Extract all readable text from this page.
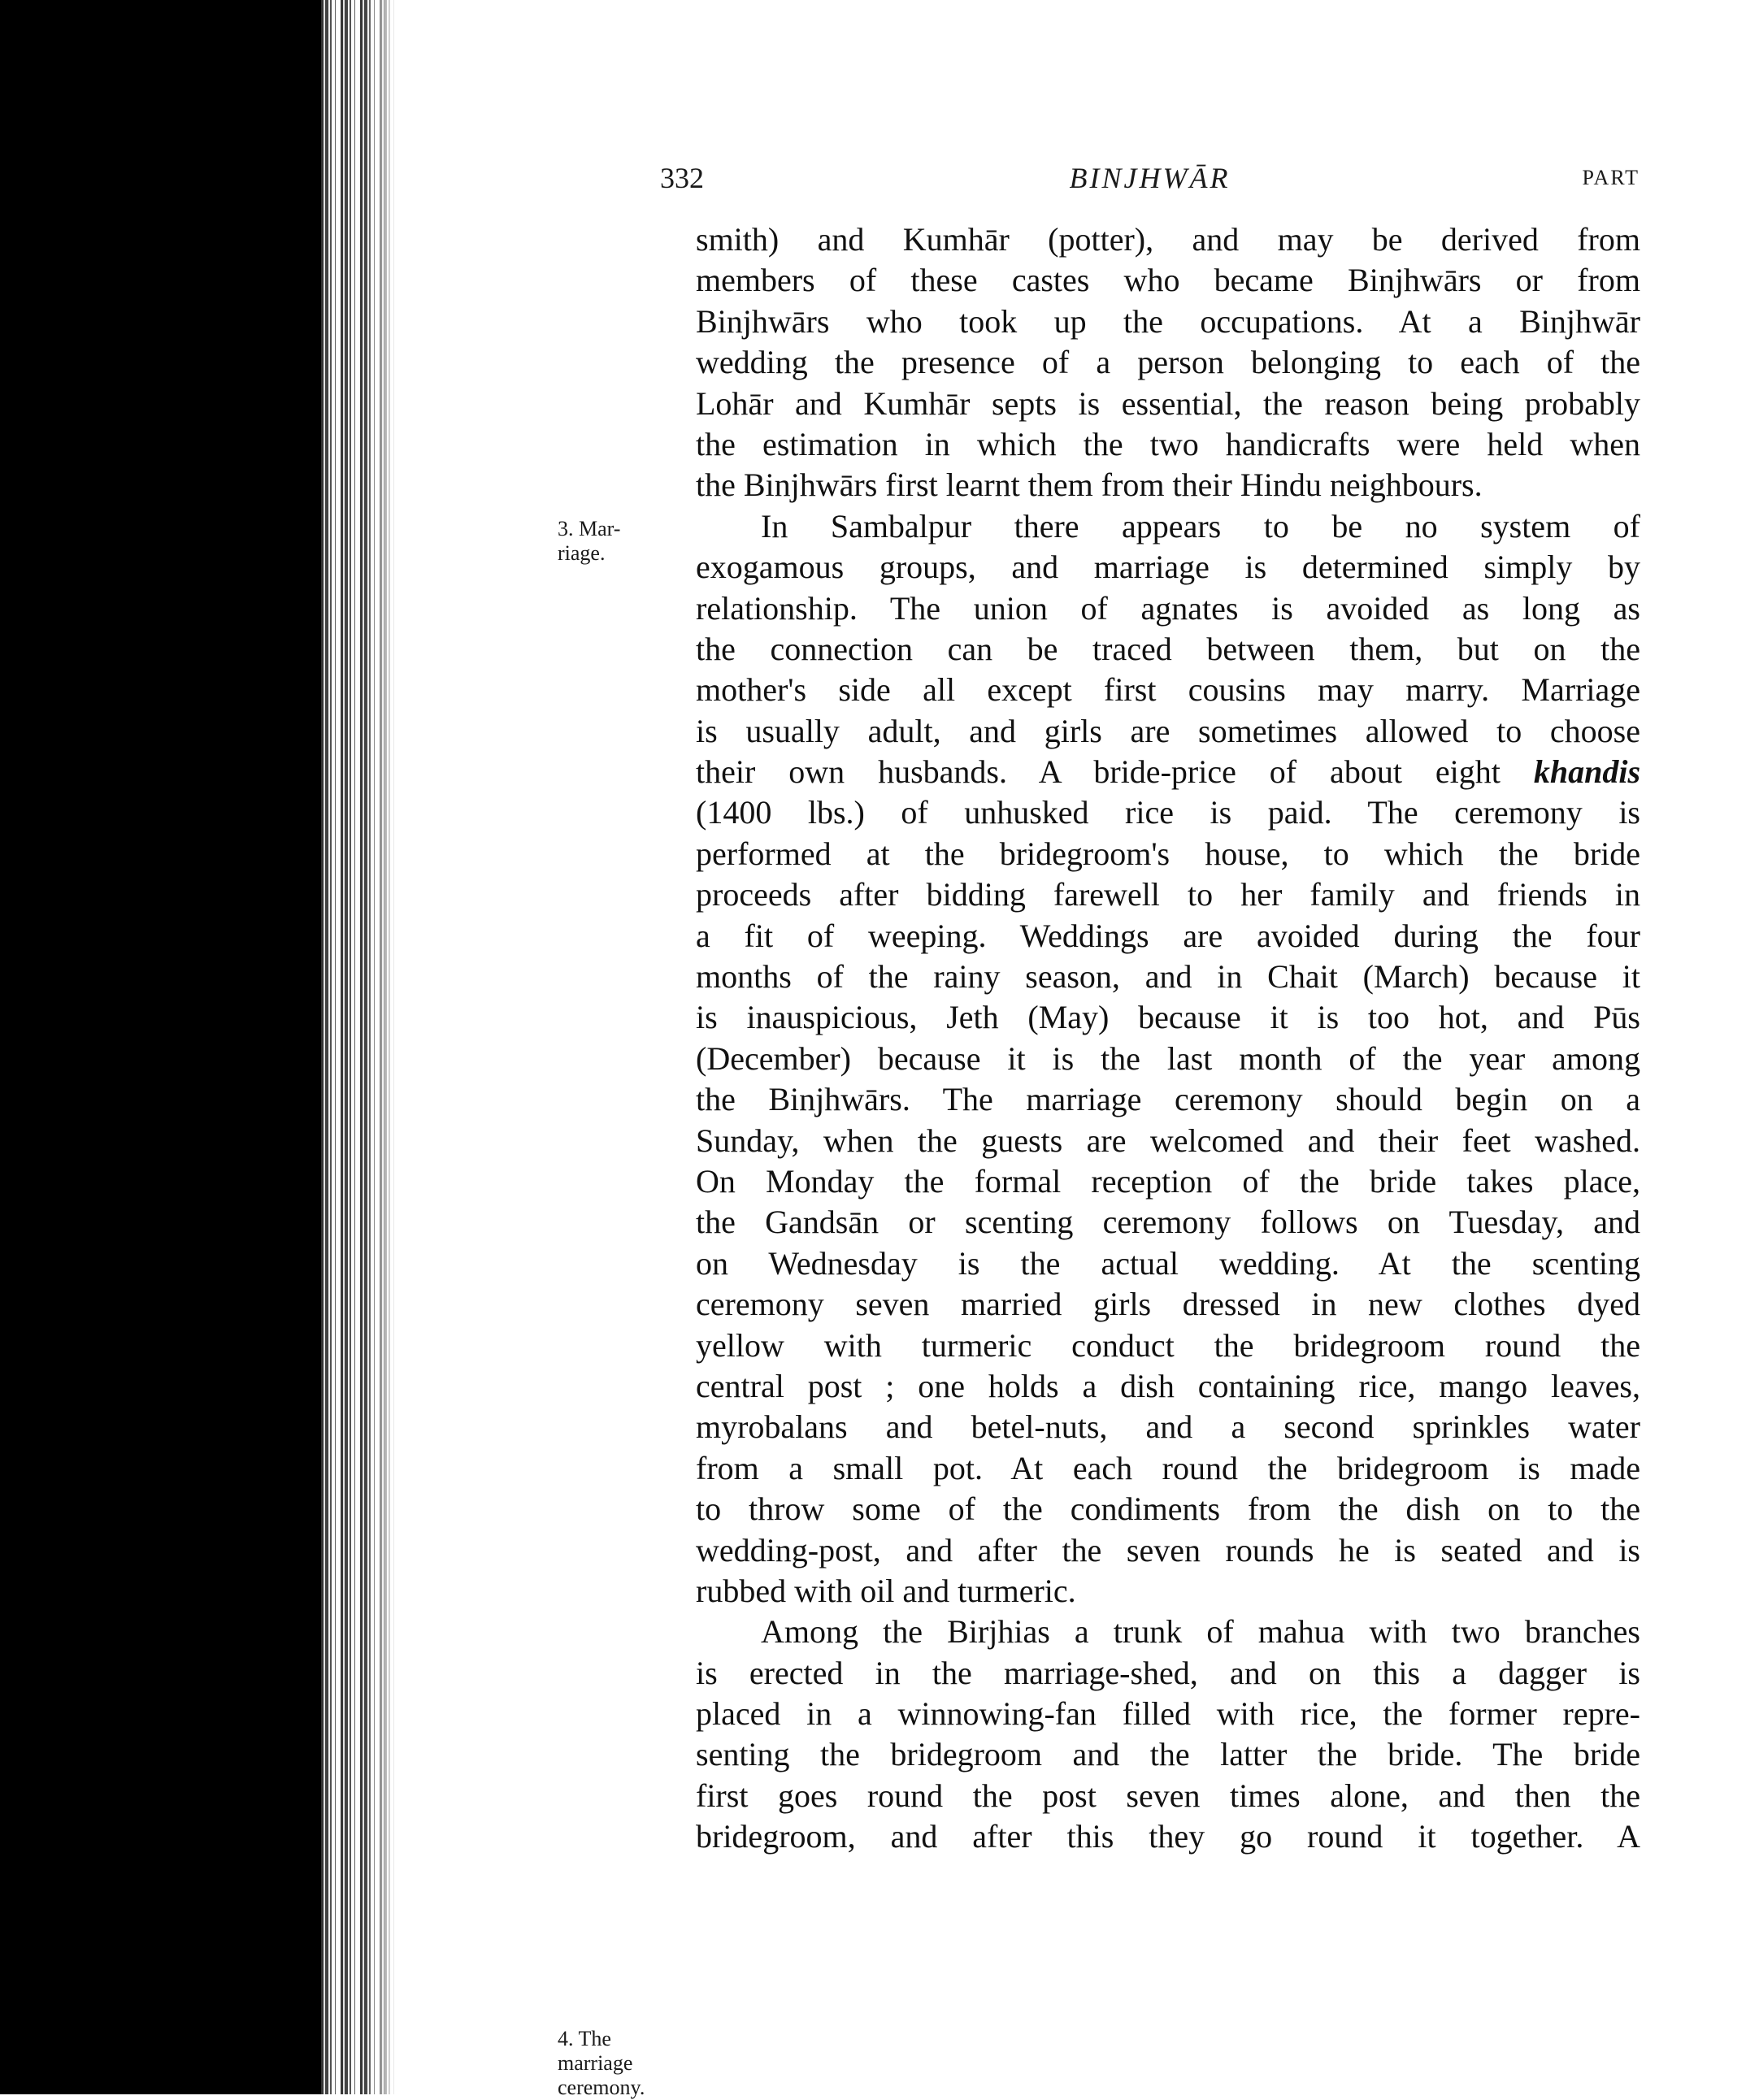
332	BINJHWĀR	PART
3. Mar-
riage.
4. The
marriage
ceremony.
smith) and Kumhār (potter), and may be derived from
members of these castes who became Binjhwārs or from
Binjhwārs who took up the occupations. At a Binjhwār
wedding the presence of a person belonging to each of the
Lohār and Kumhār septs is essential, the reason being probably
the estimation in which the two handicrafts were held when
the Binjhwārs first learnt them from their Hindu neighbours.
In Sambalpur there appears to be no system of
exogamous groups, and marriage is determined simply by
relationship. The union of agnates is avoided as long as
the connection can be traced between them, but on the
mother's side all except first cousins may marry. Marriage
is usually adult, and girls are sometimes allowed to choose
their own husbands. A bride-price of about eight khandis
(1400 lbs.) of unhusked rice is paid. The ceremony is
performed at the bridegroom's house, to which the bride
proceeds after bidding farewell to her family and friends in
a fit of weeping. Weddings are avoided during the four
months of the rainy season, and in Chait (March) because it
is inauspicious, Jeth (May) because it is too hot, and Pūs
(December) because it is the last month of the year among
the Binjhwārs. The marriage ceremony should begin on a
Sunday, when the guests are welcomed and their feet washed.
On Monday the formal reception of the bride takes place,
the Gandsān or scenting ceremony follows on Tuesday, and
on Wednesday is the actual wedding. At the scenting
ceremony seven married girls dressed in new clothes dyed
yellow with turmeric conduct the bridegroom round the
central post ; one holds a dish containing rice, mango leaves,
myrobalans and betel-nuts, and a second sprinkles water
from a small pot. At each round the bridegroom is made
to throw some of the condiments from the dish on to the
wedding-post, and after the seven rounds he is seated and is
rubbed with oil and turmeric.
Among the Birjhias a trunk of mahua with two branches
is erected in the marriage-shed, and on this a dagger is
placed in a winnowing-fan filled with rice, the former repre-
senting the bridegroom and the latter the bride. The bride
first goes round the post seven times alone, and then the
bridegroom, and after this they go round it together. A
